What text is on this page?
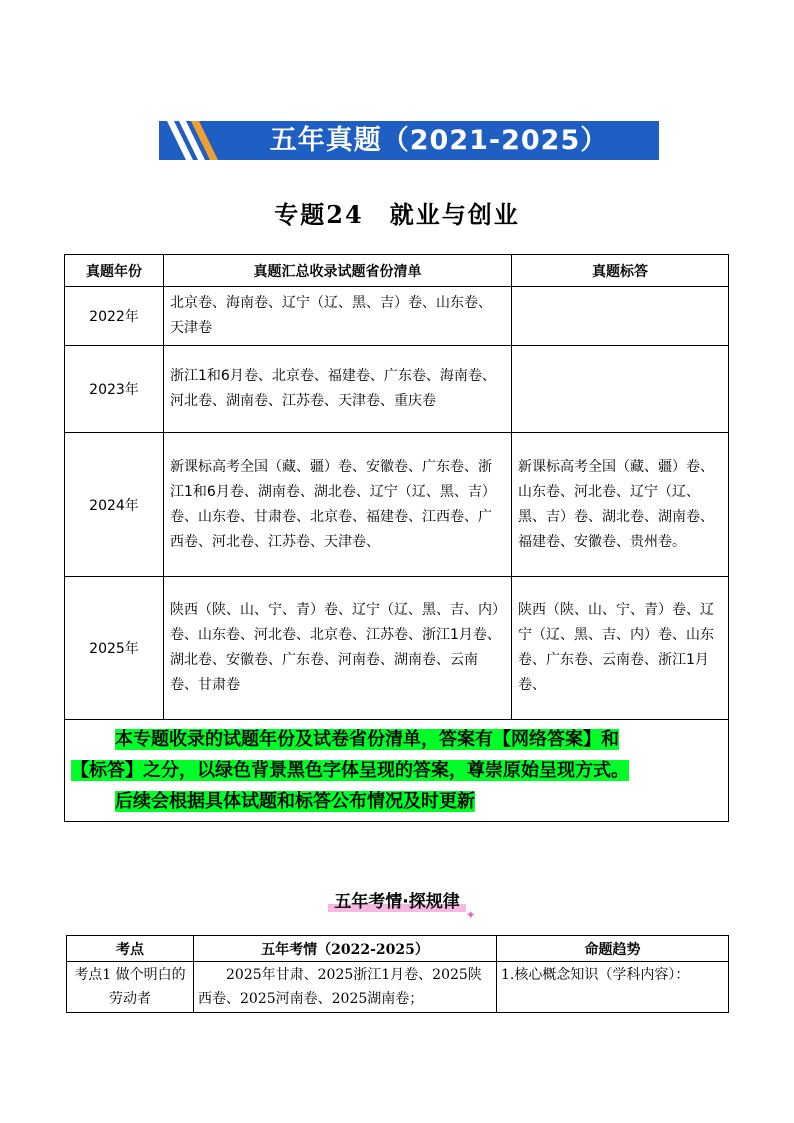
五年真题（2021-2025）
专题24　就业与创业
真题年份	真题汇总收录试题省份清单	真题标答
2022年	北京卷、海南卷、辽宁（辽、黑、吉）卷、山东卷、天津卷	
2023年	浙江1和6月卷、北京卷、福建卷、广东卷、海南卷、河北卷、湖南卷、江苏卷、天津卷、重庆卷	
2024年	新课标高考全国（藏、疆）卷、安徽卷、广东卷、浙江1和6月卷、湖南卷、湖北卷、辽宁（辽、黑、吉）卷、山东卷、甘肃卷、北京卷、福建卷、江西卷、广西卷、河北卷、江苏卷、天津卷、	新课标高考全国（藏、疆）卷、山东卷、河北卷、辽宁（辽、黑、吉）卷、湖北卷、湖南卷、福建卷、安徽卷、贵州卷。
2025年	陕西（陕、山、宁、青）卷、辽宁（辽、黑、吉、内）卷、山东卷、河北卷、北京卷、江苏卷、浙江1月卷、湖北卷、安徽卷、广东卷、河南卷、湖南卷、云南卷、甘肃卷	陕西（陕、山、宁、青）卷、辽宁（辽、黑、吉、内）卷、山东卷、广东卷、云南卷、浙江1月卷、

本专题收录的试题年份及试卷省份清单，答案有【网络答案】和

【标答】之分，以绿色背景黑色字体呈现的答案，尊崇原始呈现方式。

后续会根据具体试题和标答公布情况及时更新		

五年考情·探规律
✦
考点	五年考情（2022-2025）	命题趋势
考点1 做个明白的劳动者	2025年甘肃、2025浙江1月卷、2025陕西卷、2025河南卷、2025湖南卷；	1.核心概念知识（学科内容）：
